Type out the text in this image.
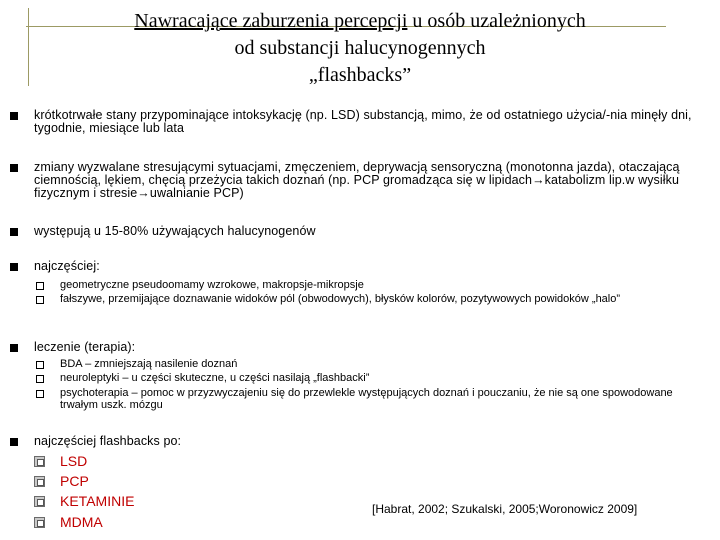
Nawracające zaburzenia percepcji u osób uzależnionych
od substancji halucynogennych
„flashbacks”
krótkotrwałe stany przypominające intoksykację (np. LSD) substancją, mimo, że od ostatniego użycia/-nia minęły dni, tygodnie, miesiące lub lata
zmiany wyzwalane stresującymi sytuacjami, zmęczeniem, deprywacją sensoryczną (monotonna jazda), otaczającą ciemnością, lękiem, chęcią przeżycia takich doznań (np. PCP gromadząca się w lipidach→katabolizm lip.w wysiłku fizycznym i stresie→uwalnianie PCP)
występują u 15-80% używających halucynogenów
najczęściej:
geometryczne pseudoomamy wzrokowe, makropsje-mikropsje
fałszywe, przemijające doznawanie widoków pól (obwodowych), błysków kolorów, pozytywowych powidoków „halo”
leczenie (terapia):
BDA – zmniejszają nasilenie doznań
neuroleptyki – u części skuteczne, u części nasilają „flashbacki”
psychoterapia – pomoc w przyzwyczajeniu się do przewlekle występujących doznań i pouczaniu, że nie są one spowodowane trwałym uszk. mózgu
najczęściej flashbacks po:
LSD
PCP
KETAMINIE
MDMA
[Habrat, 2002; Szukalski, 2005;Woronowicz 2009]
